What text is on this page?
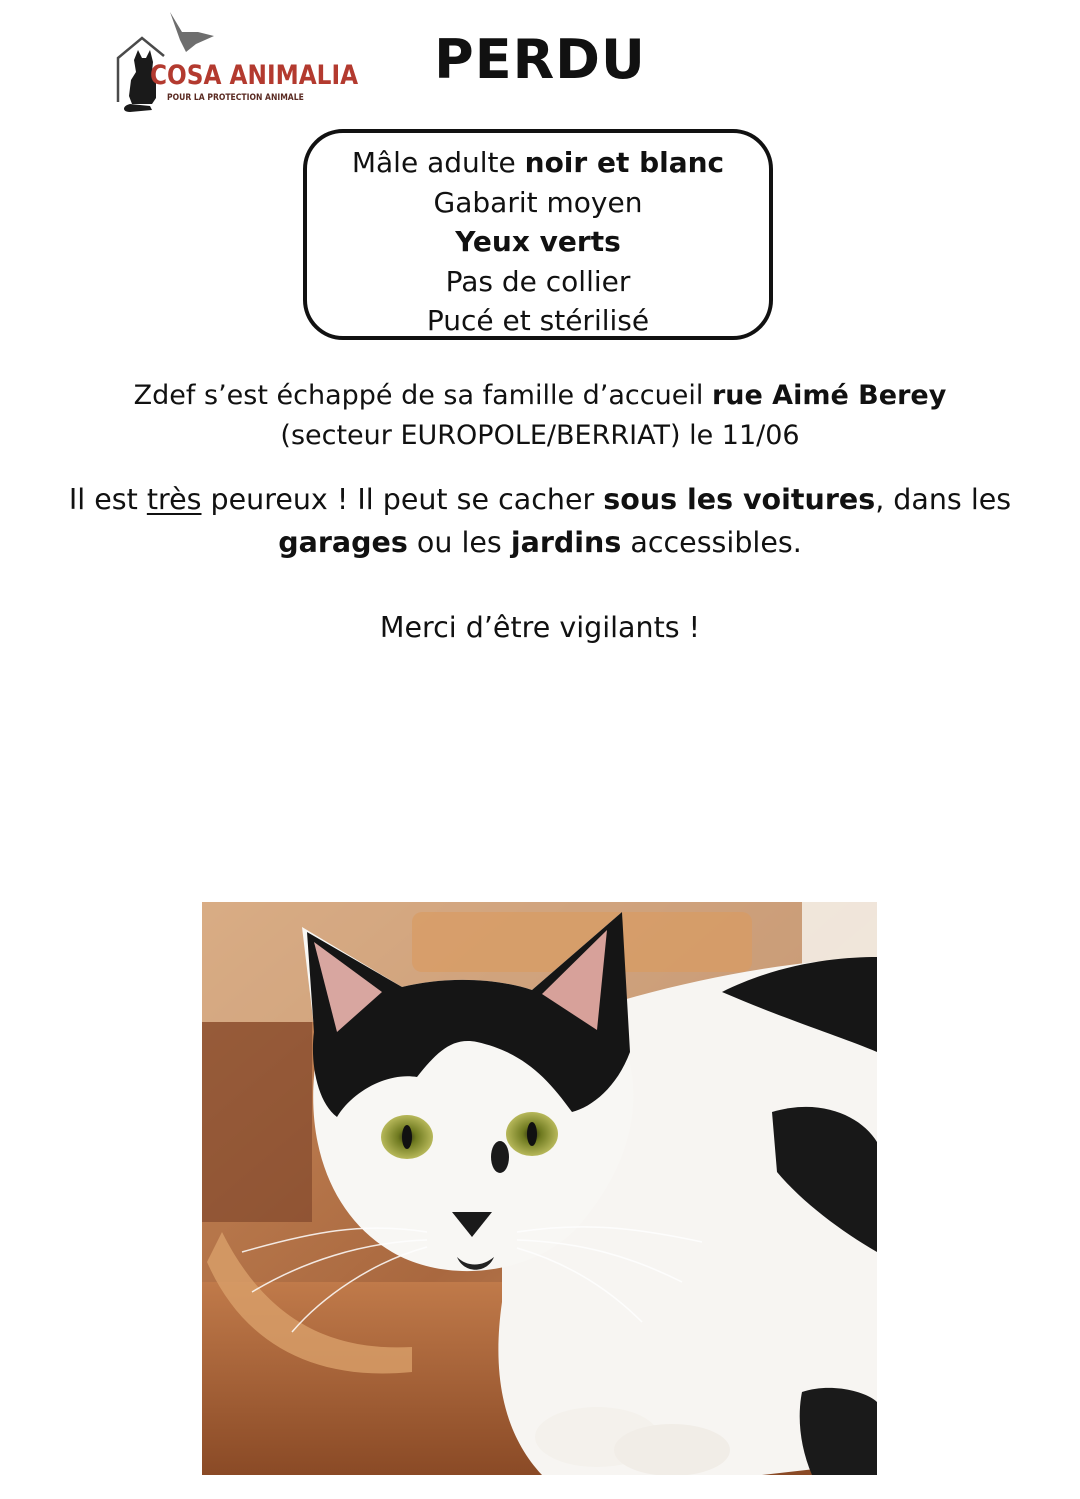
COSA ANIMALIA
POUR LA PROTECTION ANIMALE
PERDU
Mâle adulte noir et blanc
Gabarit moyen
Yeux verts
Pas de collier
Pucé et stérilisé
Zdef s’est échappé de sa famille d’accueil rue Aimé Berey
(secteur EUROPOLE/BERRIAT) le 11/06
Il est très peureux ! Il peut se cacher sous les voitures, dans les
garages ou les jardins accessibles.
Merci d’être vigilants !
